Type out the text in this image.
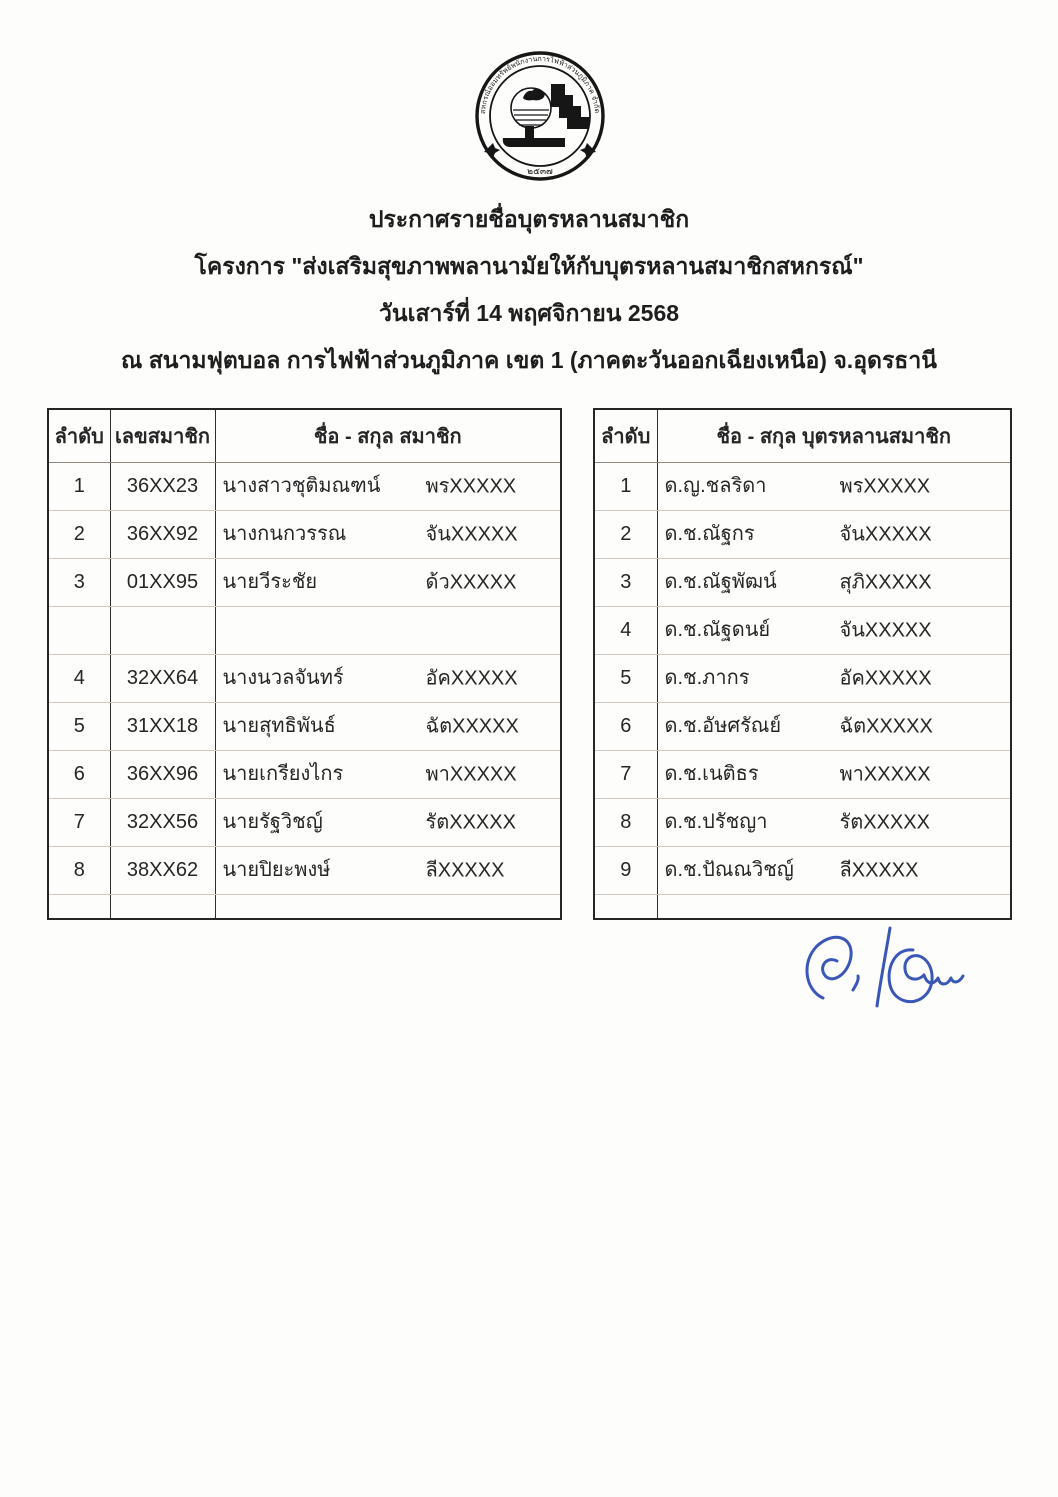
สหกรณ์ออมทรัพย์พนักงานการไฟฟ้าส่วนภูมิภาค จำกัด
๒๕๓๗
ประกาศรายชื่อบุตรหลานสมาชิก
โครงการ "ส่งเสริมสุขภาพพลานามัยให้กับบุตรหลานสมาชิกสหกรณ์"
วันเสาร์ที่ 14 พฤศจิกายน 2568
ณ สนามฟุตบอล การไฟฟ้าส่วนภูมิภาค เขต 1 (ภาคตะวันออกเฉียงเหนือ) จ.อุดรธานี
ลำดับ	เลขสมาชิก	ชื่อ - สกุล สมาชิก
1	36XX23	นางสาวชุติมณฑน์ พรXXXXX

2	36XX92	นางกนกวรรณ จันXXXXX

3	01XX95	นายวีระชัย ด้วXXXXX

4	32XX64	นางนวลจันทร์ อัคXXXXX

5	31XX18	นายสุทธิพันธ์ ฉัตXXXXX

6	36XX96	นายเกรียงไกร พาXXXXX

7	32XX56	นายรัฐวิชญ์ รัตXXXXX

8	38XX62	นายปิยะพงษ์ ลีXXXXX

ลำดับ	ชื่อ - สกุล บุตรหลานสมาชิก
1	ด.ญ.ชลริดา พรXXXXX

2	ด.ช.ณัฐกร จันXXXXX

3	ด.ช.ณัฐพัฒน์ สุภิXXXXX

4	ด.ช.ณัฐดนย์ จันXXXXX

5	ด.ช.ภากร อัคXXXXX

6	ด.ช.อัษศรัณย์ ฉัตXXXXX

7	ด.ช.เนติธร พาXXXXX

8	ด.ช.ปรัชญา รัตXXXXX

9	ด.ช.ปัณณวิชญ์ ลีXXXXX
